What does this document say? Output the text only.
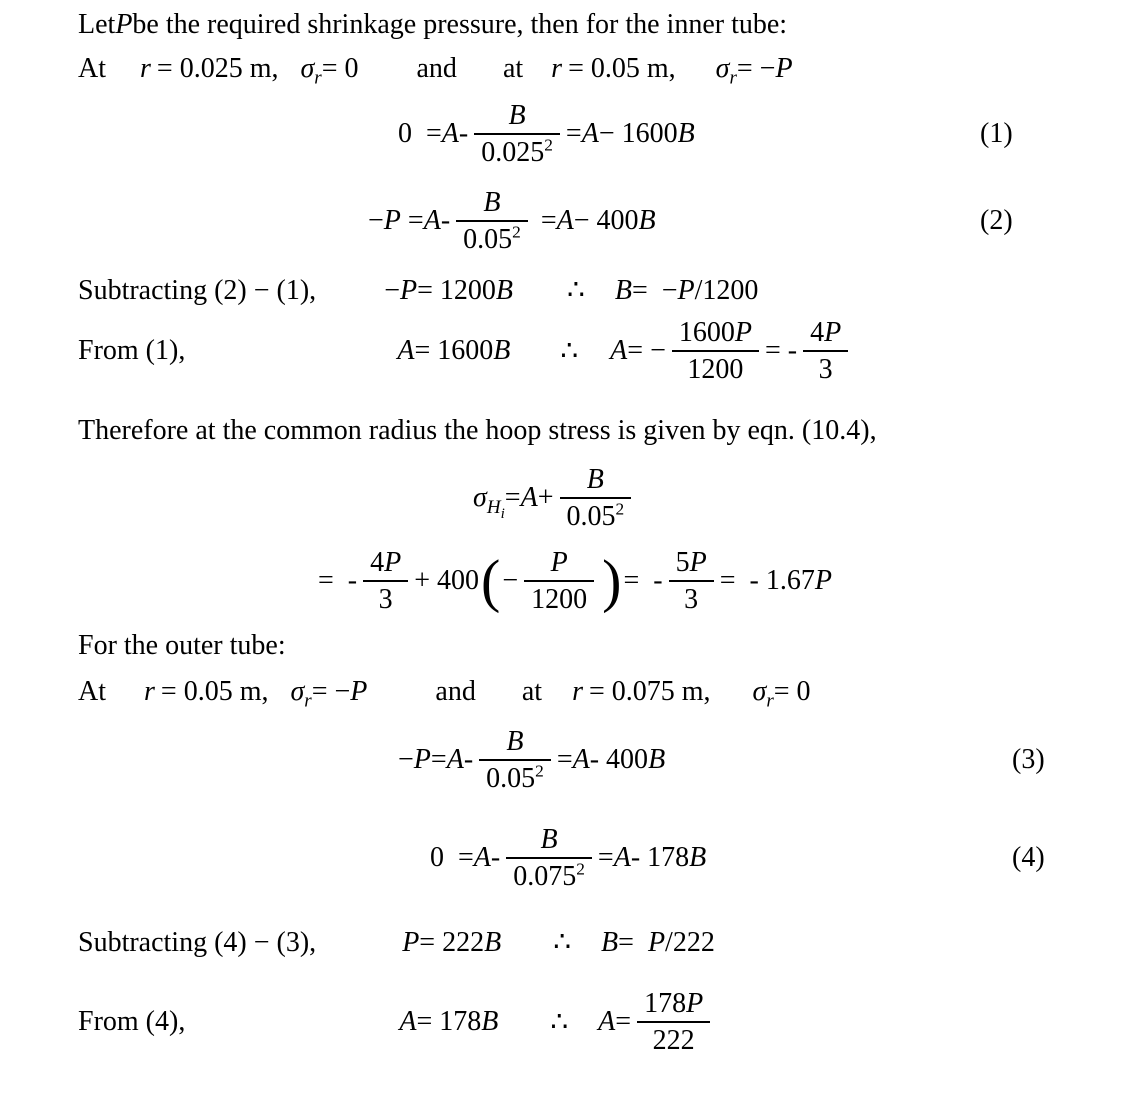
Let P be the required shrinkage pressure, then for the inner tube:
At r = 0.025 m, $\sigma_r = 0$ and at r = 0.05 m, $\sigma_r$ = − P
$0 = A - \frac{B}{0.025^2} = A - 1600$ B	(1)
− $P = A - \frac{B}{0.05^2} = A - 400$ B	(2)
Subtracting (2) − (1), − P = 1200 B ∴ B =  − P /1200
From (1),	A = 1600 B ∴ A = − $\frac{1600P}{1200}$ = - $\frac{4P}{3}$
Therefore at the common radius the hoop stress is given by eqn. (10.4),
$\sigma_{H_i} = A + \frac{B}{0.05^2}$
=  - $\frac{4P}{3} + 400$ ( − $\frac{P}{1200}$ ) =  - $\frac{5P}{3}$ =  - 1.67 P
For the outer tube:
At r = 0.05 m, $\sigma_r$ = − P and at r = 0.075 m, $\sigma_r = 0$
− $P = A - \frac{B}{0.05^2} = A - 400$ B	(3)
$0 = A - \frac{B}{0.075^2} = A - 178$ B	(4)
Subtracting (4) − (3),	P = 222 B ∴ B = P /222
From (4),	A = 178 B ∴ $A = \frac{178P}{222}$
